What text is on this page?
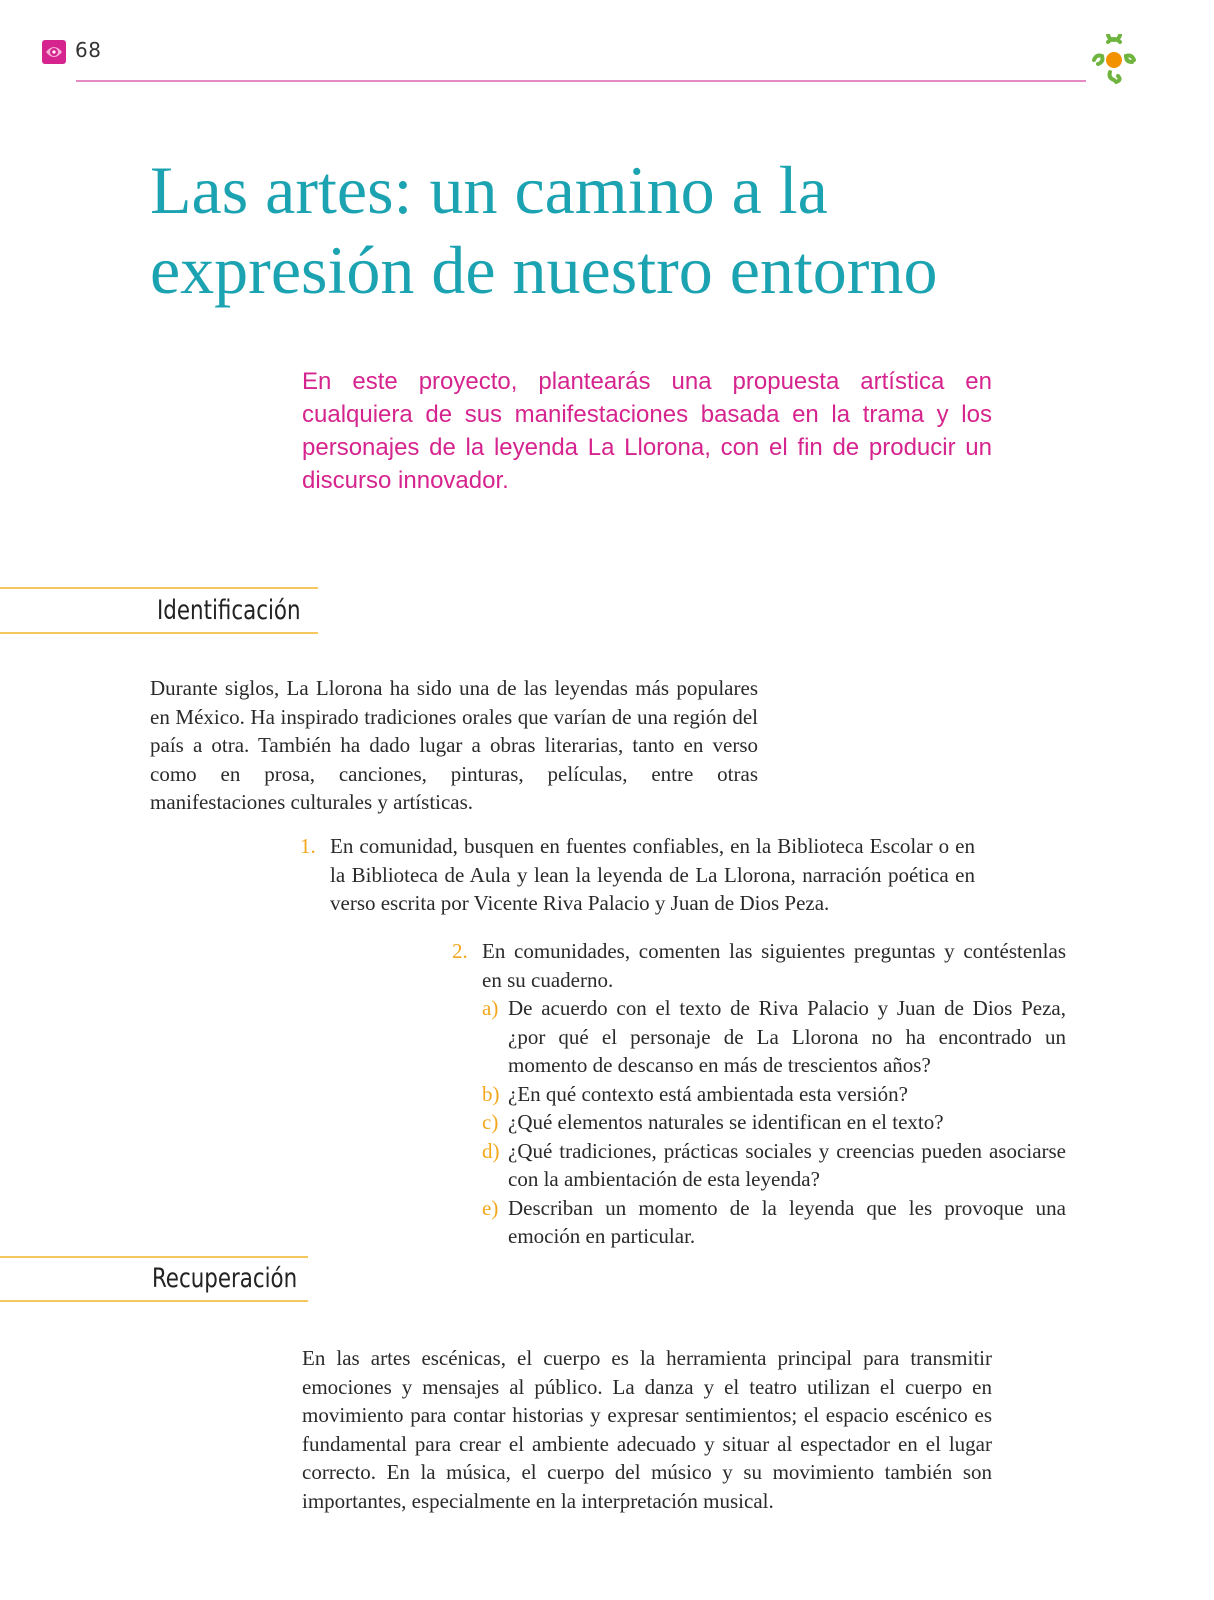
68
Las artes: un camino a la
expresión de nuestro entorno

En este proyecto, plantearás una propuesta artística en cualquiera de sus manifestaciones basada en la trama y los personajes de la leyenda La Llorona, con el fin de producir un discurso innovador.

Identificación

Durante siglos, La Llorona ha sido una de las leyendas más populares en México. Ha inspirado tradiciones orales que varían de una región del país a otra. También ha dado lugar a obras literarias, tanto en verso como en prosa, canciones, pinturas, películas, entre otras manifestaciones culturales y artísticas.

1. En comunidad, busquen en fuentes confiables, en la Biblioteca Escolar o en la Biblioteca de Aula y lean la leyenda de La Llorona, narración poética en verso escrita por Vicente Riva Palacio y Juan de Dios Peza.
2. En comunidades, comenten las siguientes preguntas y contéstenlas en su cuaderno.
a) De acuerdo con el texto de Riva Palacio y Juan de Dios Peza, ¿por qué el personaje de La Llorona no ha encontrado un momento de descanso en más de trescientos años?
b) ¿En qué contexto está ambientada esta versión?
c) ¿Qué elementos naturales se identifican en el texto?
d) ¿Qué tradiciones, prácticas sociales y creencias pueden asociarse con la ambientación de esta leyenda?
e) Describan un momento de la leyenda que les provoque una emoción en particular.
Recuperación

En las artes escénicas, el cuerpo es la herramienta principal para transmitir emociones y mensajes al público. La danza y el teatro utilizan el cuerpo en movimiento para contar historias y expresar sentimientos; el espacio escénico es fundamental para crear el ambiente adecuado y situar al espectador en el lugar correcto. En la música, el cuerpo del músico y su movimiento también son importantes, especialmente en la interpretación musical.
